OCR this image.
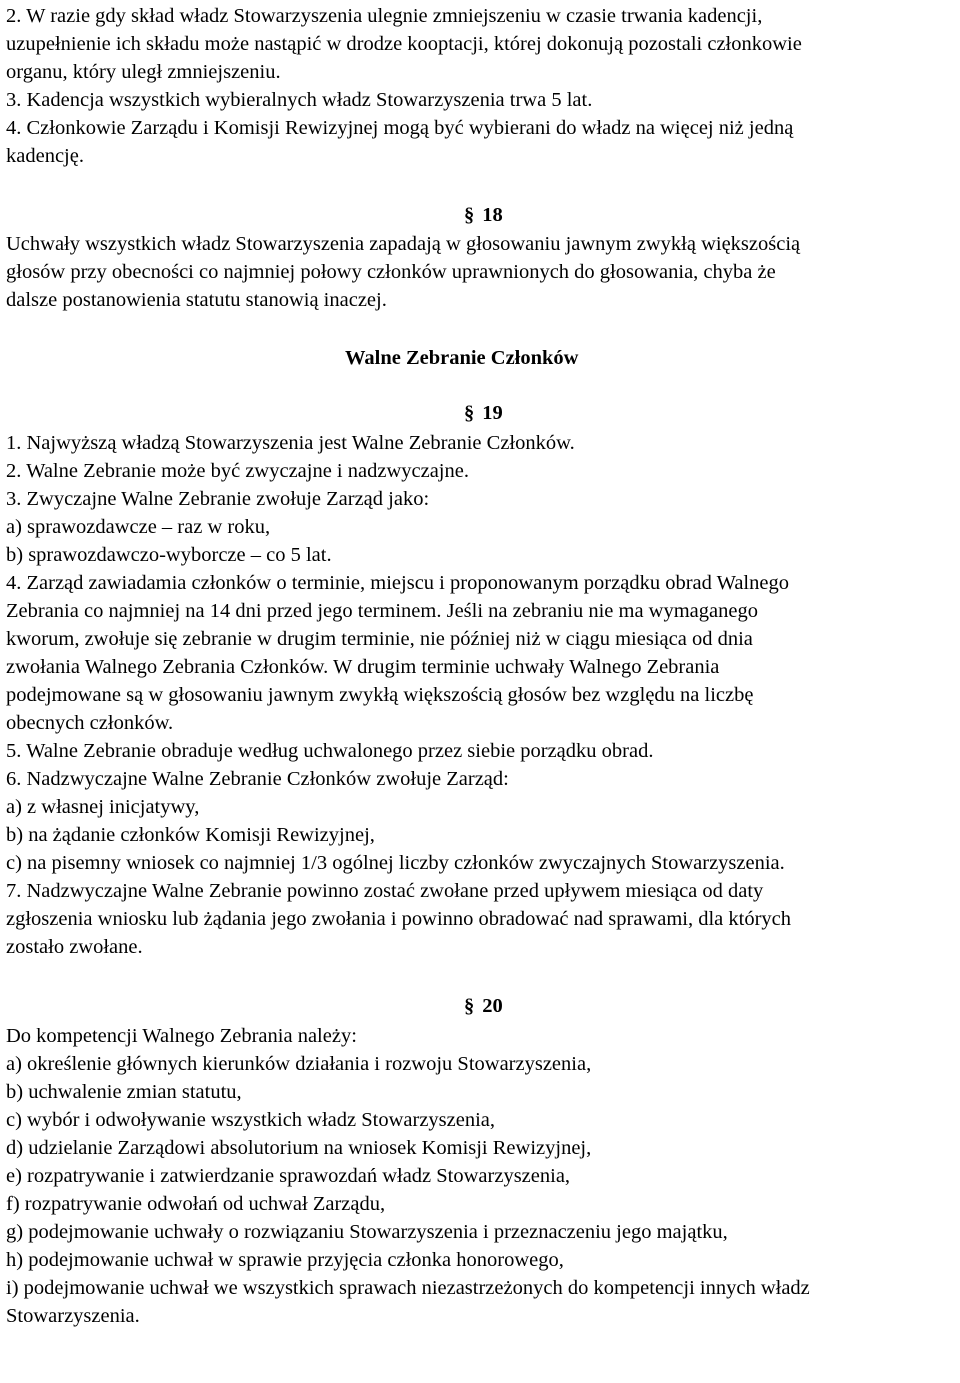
2. W razie gdy skład władz Stowarzyszenia ulegnie zmniejszeniu w czasie trwania kadencji,
uzupełnienie ich składu może nastąpić w drodze kooptacji, której dokonują pozostali członkowie
organu, który uległ zmniejszeniu.
3. Kadencja wszystkich wybieralnych władz Stowarzyszenia trwa 5 lat.
4. Członkowie Zarządu i Komisji Rewizyjnej mogą być wybierani do władz na więcej niż jedną
kadencję.
§ 18
Uchwały wszystkich władz Stowarzyszenia zapadają w głosowaniu jawnym zwykłą większością
głosów przy obecności co najmniej połowy członków uprawnionych do głosowania, chyba że
dalsze postanowienia statutu stanowią inaczej.
Walne Zebranie Członków
§ 19
1. Najwyższą władzą Stowarzyszenia jest Walne Zebranie Członków.
2. Walne Zebranie może być zwyczajne i nadzwyczajne.
3. Zwyczajne Walne Zebranie zwołuje Zarząd jako:
a) sprawozdawcze – raz w roku,
b) sprawozdawczo-wyborcze – co 5 lat.
4. Zarząd zawiadamia członków o terminie, miejscu i proponowanym porządku obrad Walnego
Zebrania co najmniej na 14 dni przed jego terminem. Jeśli na zebraniu nie ma wymaganego
kworum, zwołuje się zebranie w drugim terminie, nie później niż w ciągu miesiąca od dnia
zwołania Walnego Zebrania Członków. W drugim terminie uchwały Walnego Zebrania
podejmowane są w głosowaniu jawnym zwykłą większością głosów bez względu na liczbę
obecnych członków.
5. Walne Zebranie obraduje według uchwalonego przez siebie porządku obrad.
6. Nadzwyczajne Walne Zebranie Członków zwołuje Zarząd:
a) z własnej inicjatywy,
b) na żądanie członków Komisji Rewizyjnej,
c) na pisemny wniosek co najmniej 1/3 ogólnej liczby członków zwyczajnych Stowarzyszenia.
7. Nadzwyczajne Walne Zebranie powinno zostać zwołane przed upływem miesiąca od daty
zgłoszenia wniosku lub żądania jego zwołania i powinno obradować nad sprawami, dla których
zostało zwołane.
§ 20
Do kompetencji Walnego Zebrania należy:
a) określenie głównych kierunków działania i rozwoju Stowarzyszenia,
b) uchwalenie zmian statutu,
c) wybór i odwoływanie wszystkich władz Stowarzyszenia,
d) udzielanie Zarządowi absolutorium na wniosek Komisji Rewizyjnej,
e) rozpatrywanie i zatwierdzanie sprawozdań władz Stowarzyszenia,
f) rozpatrywanie odwołań od uchwał Zarządu,
g) podejmowanie uchwały o rozwiązaniu Stowarzyszenia i przeznaczeniu jego majątku,
h) podejmowanie uchwał w sprawie przyjęcia członka honorowego,
i) podejmowanie uchwał we wszystkich sprawach niezastrzeżonych do kompetencji innych władz
Stowarzyszenia.
